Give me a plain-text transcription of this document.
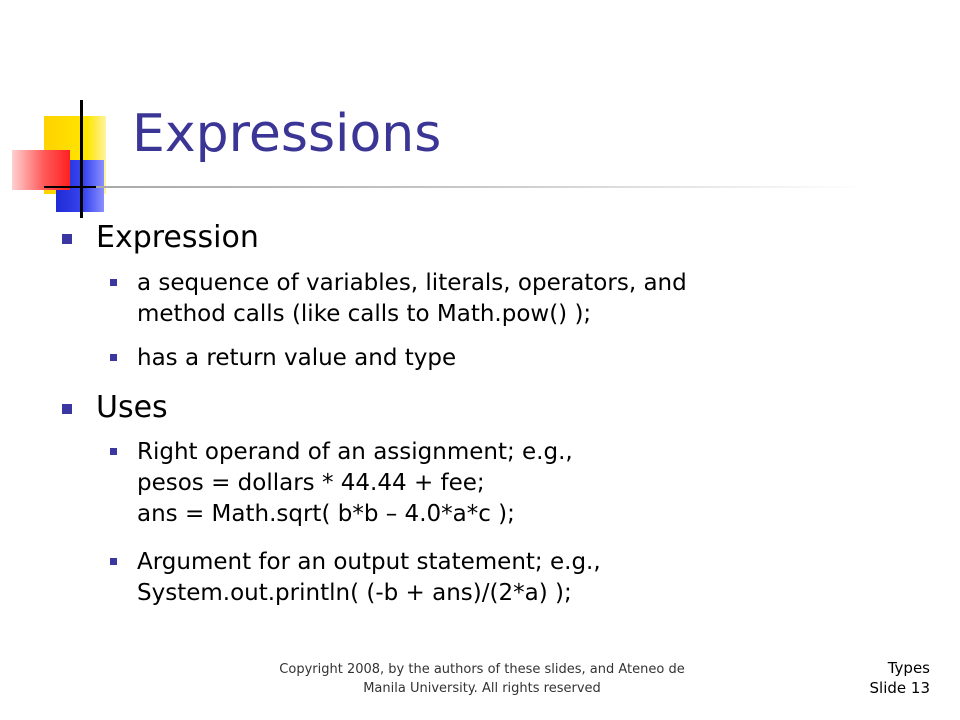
Expressions
Expression
a sequence of variables, literals, operators, and
method calls (like calls to Math.pow() );
has a return value and type
Uses
Right operand of an assignment; e.g.,
pesos = dollars * 44.44 + fee;
ans = Math.sqrt( b*b – 4.0*a*c );
Argument for an output statement; e.g.,
System.out.println( (-b + ans)/(2*a) );
Copyright 2008, by the authors of these slides, and Ateneo de
Manila University. All rights reserved
Types
Slide 13
